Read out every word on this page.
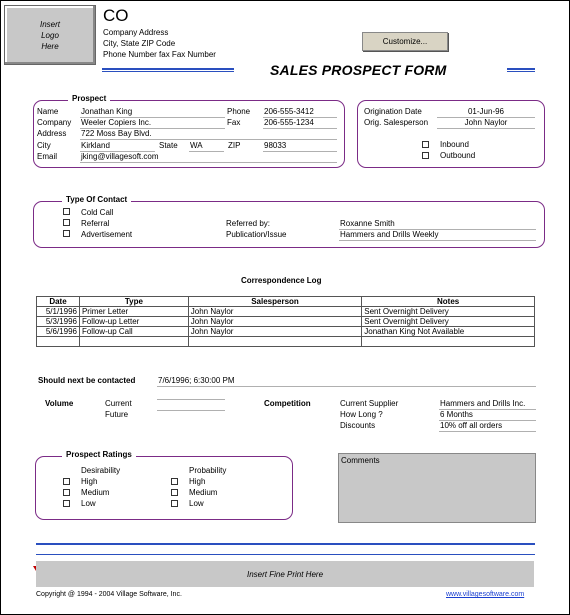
Insert
Logo
Here
CO
Company Address
City, State ZIP Code
Phone Number fax Fax Number
Customize...
SALES PROSPECT FORM
Prospect
Name	Jonathan King
Company Weeler Copiers Inc.
Address 722 Moss Bay Blvd.
City	Kirkland	State WA	ZIP	98033
Email	jking@villagesoft.com
Phone 206-555-3412
Fax	206-555-1234
Origination Date	01-Jun-96
Orig. Salesperson	John Naylor
Inbound
Outbound
Type Of Contact
Cold Call
Referral
Advertisement
Referred by:	Roxanne Smith
Publication/Issue	Hammers and Drills Weekly
Correspondence Log
Date	Type	Salesperson	Notes
5/1/1996	Primer Letter	John Naylor	Sent Overnight Delivery
5/3/1996	Follow-up Letter	John Naylor	Sent Overnight Delivery
5/6/1996	Follow-up Call	John Naylor	Jonathan King Not Available

Should next be contacted	7/6/1996; 6:30:00 PM
Volume	Current
Future
Competition	Current Supplier	Hammers and Drills Inc.
How Long ?	6 Months
Discounts	10% off all orders
Prospect Ratings
Desirability
High
Medium
Low
Probability
High
Medium
Low
Comments
Insert Fine Print Here
Copyright @ 1994 - 2004 Village Software, Inc.	www.villagesoftware.com
